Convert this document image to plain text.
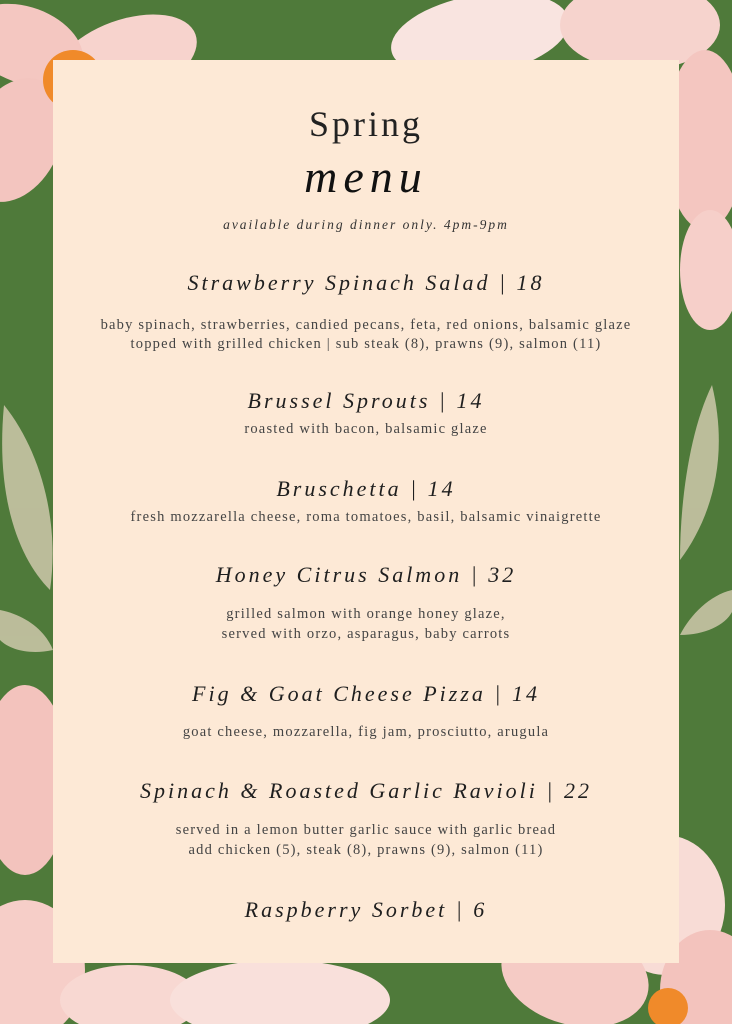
Spring
menu
available during dinner only. 4pm-9pm
Strawberry Spinach Salad | 18
baby spinach, strawberries, candied pecans, feta, red onions, balsamic glaze
topped with grilled chicken | sub steak (8), prawns (9), salmon (11)
Brussel Sprouts | 14
roasted with bacon, balsamic glaze
Bruschetta | 14
fresh mozzarella cheese, roma tomatoes, basil, balsamic vinaigrette
Honey Citrus Salmon | 32
grilled salmon with orange honey glaze,
served with orzo, asparagus, baby carrots
Fig & Goat Cheese Pizza | 14
goat cheese, mozzarella, fig jam, prosciutto, arugula
Spinach & Roasted Garlic Ravioli | 22
served in a lemon butter garlic sauce with garlic bread
add chicken (5), steak (8), prawns (9), salmon (11)
Raspberry Sorbet | 6
